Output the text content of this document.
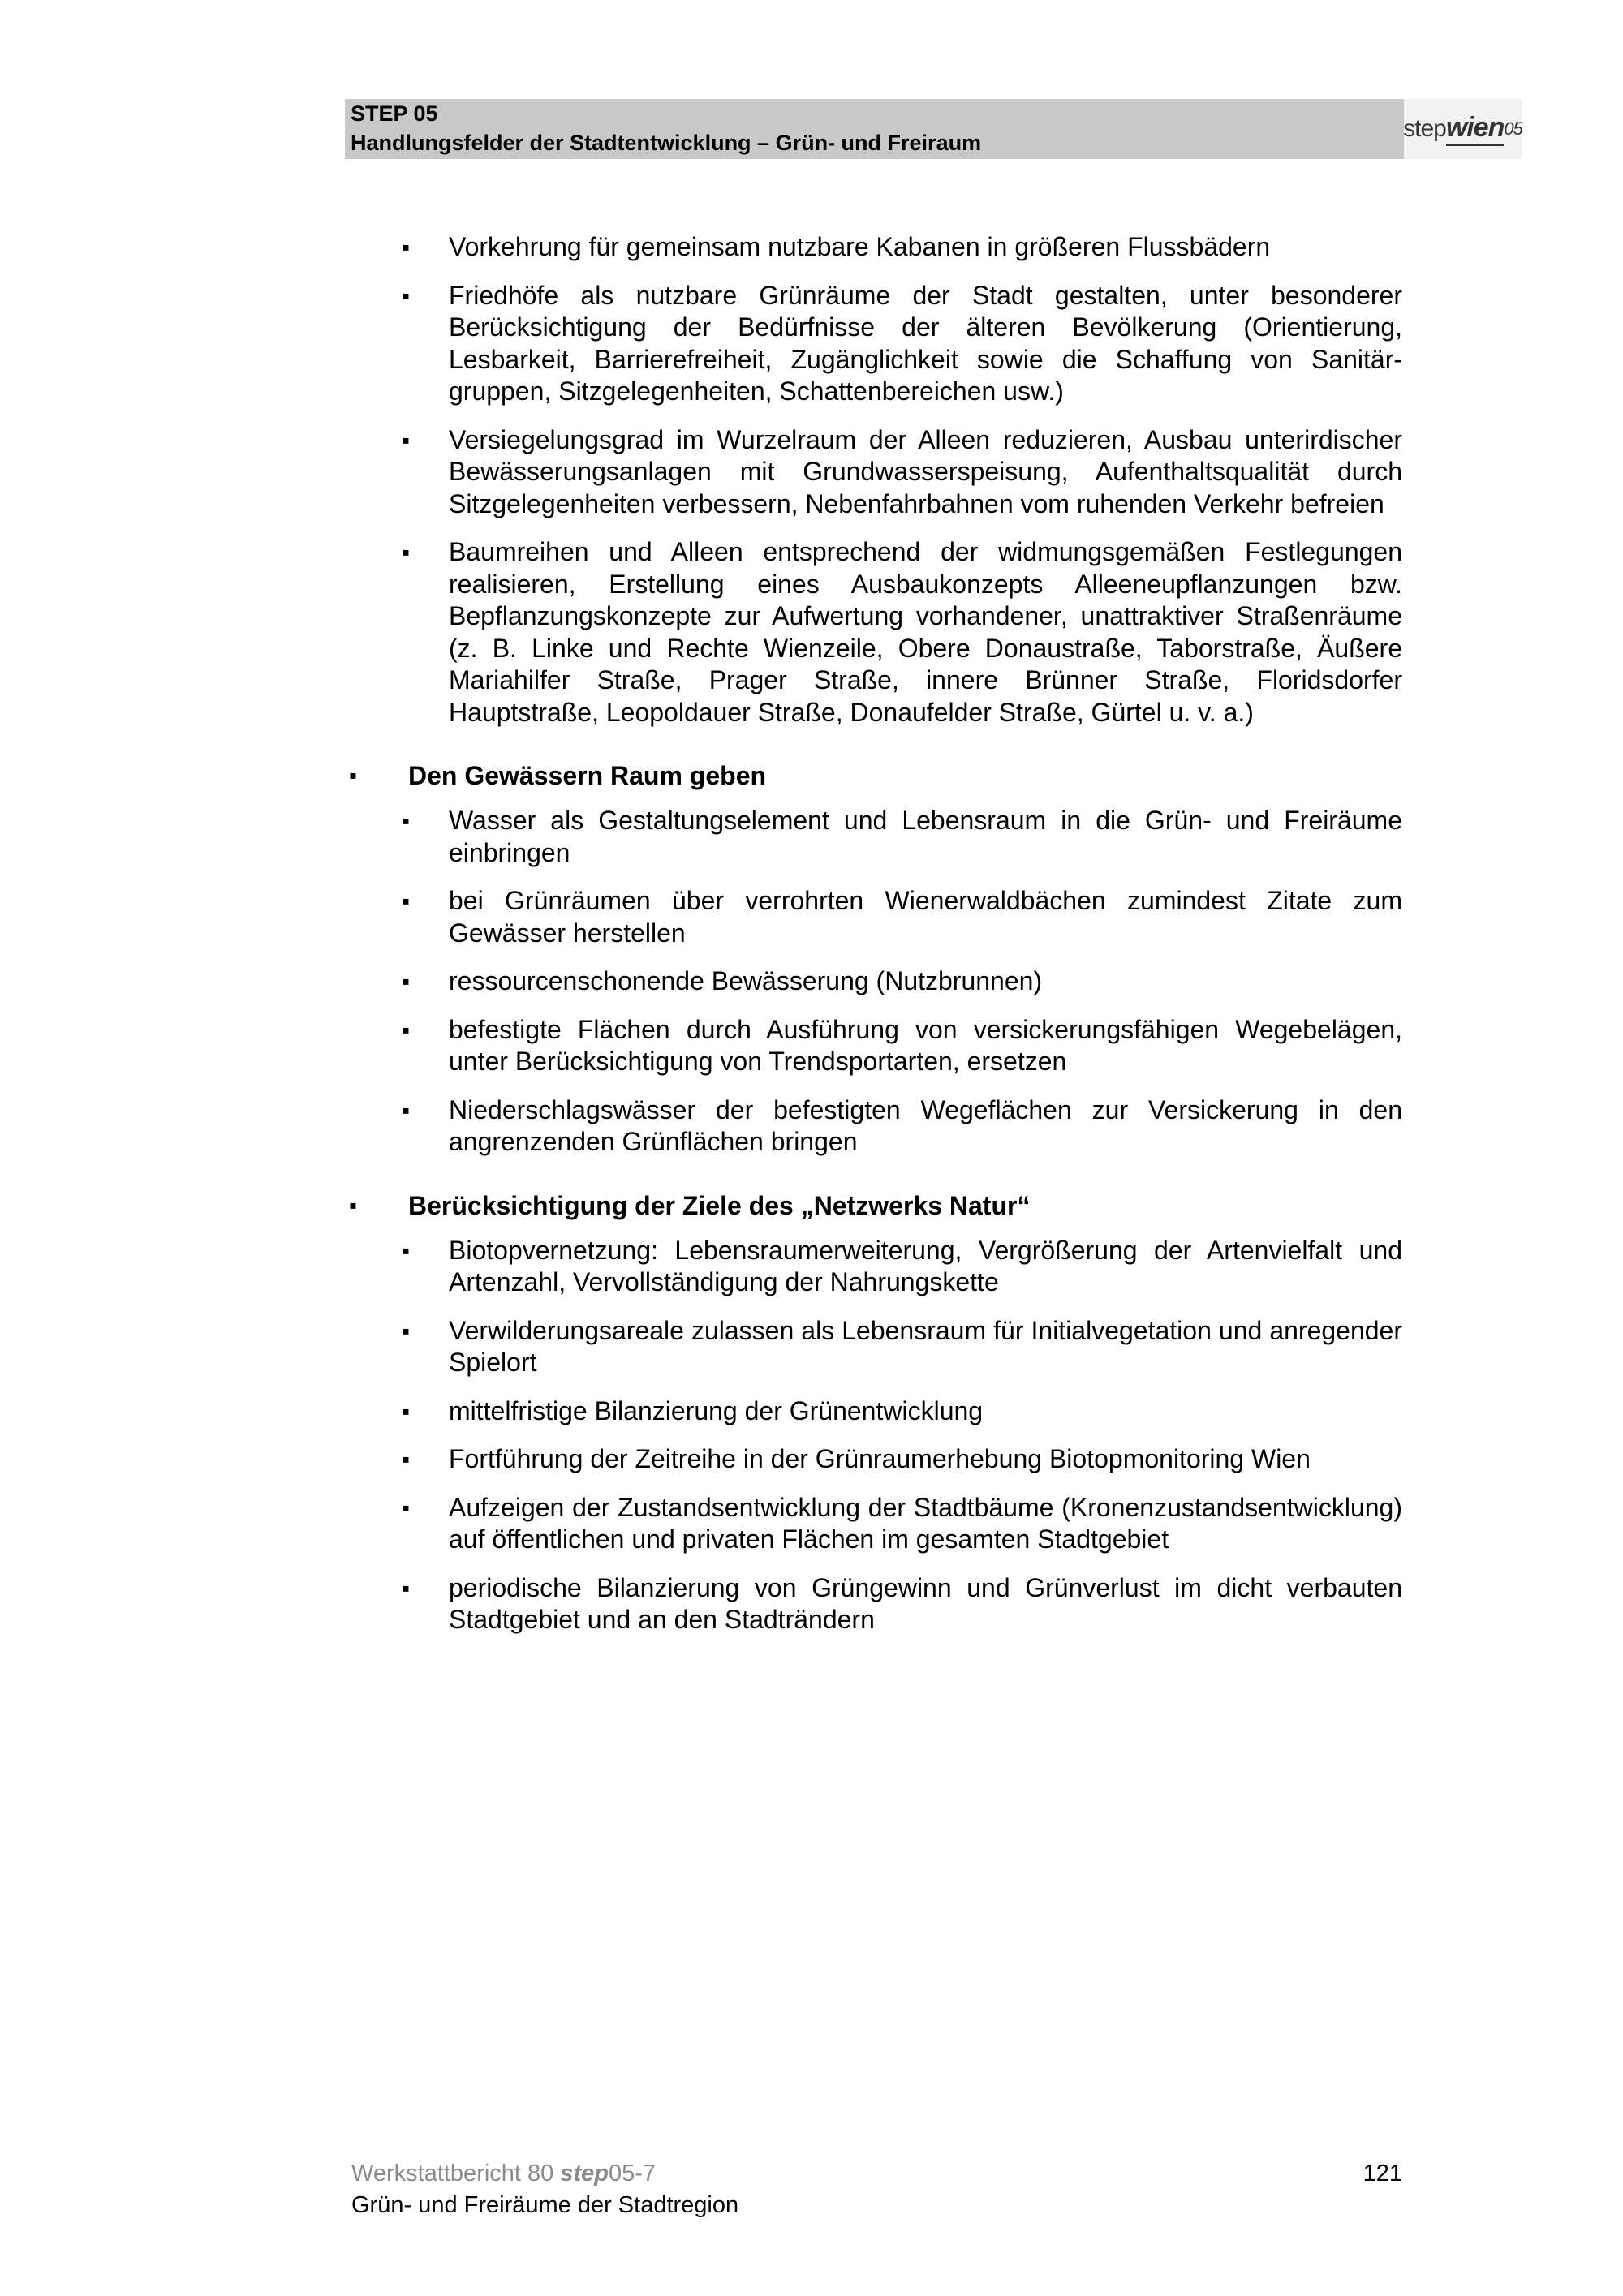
STEP 05
Handlungsfelder der Stadtentwicklung – Grün- und Freiraum
step wien 05
▪ Vorkehrung für gemeinsam nutzbare Kabanen in größeren Flussbädern
▪ Friedhöfe als nutzbare Grünräume der Stadt gestalten, unter besonderer Berücksichtigung der Bedürfnisse der älteren Bevölkerung (Orientierung, Lesbarkeit, Barrierefreiheit, Zugänglichkeit sowie die Schaffung von Sanitärgruppen, Sitzgelegenheiten, Schattenbereichen usw.)
▪ Versiegelungsgrad im Wurzelraum der Alleen reduzieren, Ausbau unterirdischer Bewässerungsanlagen mit Grundwasserspeisung, Aufenthaltsqualität durch Sitzgelegenheiten verbessern, Nebenfahrbahnen vom ruhenden Verkehr befreien
▪ Baumreihen und Alleen entsprechend der widmungsgemäßen Festlegungen realisieren, Erstellung eines Ausbaukonzepts Alleeneupflanzungen bzw. Bepflanzungskonzepte zur Aufwertung vorhandener, unattraktiver Straßenräume (z. B. Linke und Rechte Wienzeile, Obere Donaustraße, Taborstraße, Äußere Mariahilfer Straße, Prager Straße, innere Brünner Straße, Floridsdorfer Hauptstraße, Leopoldauer Straße, Donaufelder Straße, Gürtel u. v. a.)
▪ Den Gewässern Raum geben
▪ Wasser als Gestaltungselement und Lebensraum in die Grün- und Freiräume einbringen
▪ bei Grünräumen über verrohrten Wienerwaldbächen zumindest Zitate zum Gewässer herstellen
▪ ressourcenschonende Bewässerung (Nutzbrunnen)
▪ befestigte Flächen durch Ausführung von versickerungsfähigen Wegebelägen, unter Berücksichtigung von Trendsportarten, ersetzen
▪ Niederschlagswässer der befestigten Wegeflächen zur Versickerung in den angrenzenden Grünflächen bringen
▪ Berücksichtigung der Ziele des „Netzwerks Natur“
▪ Biotopvernetzung: Lebensraumerweiterung, Vergrößerung der Artenvielfalt und Artenzahl, Vervollständigung der Nahrungskette
▪ Verwilderungsareale zulassen als Lebensraum für Initialvegetation und anregender Spielort
▪ mittelfristige Bilanzierung der Grünentwicklung
▪ Fortführung der Zeitreihe in der Grünraumerhebung Biotopmonitoring Wien
▪ Aufzeigen der Zustandsentwicklung der Stadtbäume (Kronenzustandsentwicklung) auf öffentlichen und privaten Flächen im gesamten Stadtgebiet
▪ periodische Bilanzierung von Grüngewinn und Grünverlust im dicht verbauten Stadtgebiet und an den Stadträndern
Werkstattbericht 80 step05-7
Grün- und Freiräume der Stadtregion
121
